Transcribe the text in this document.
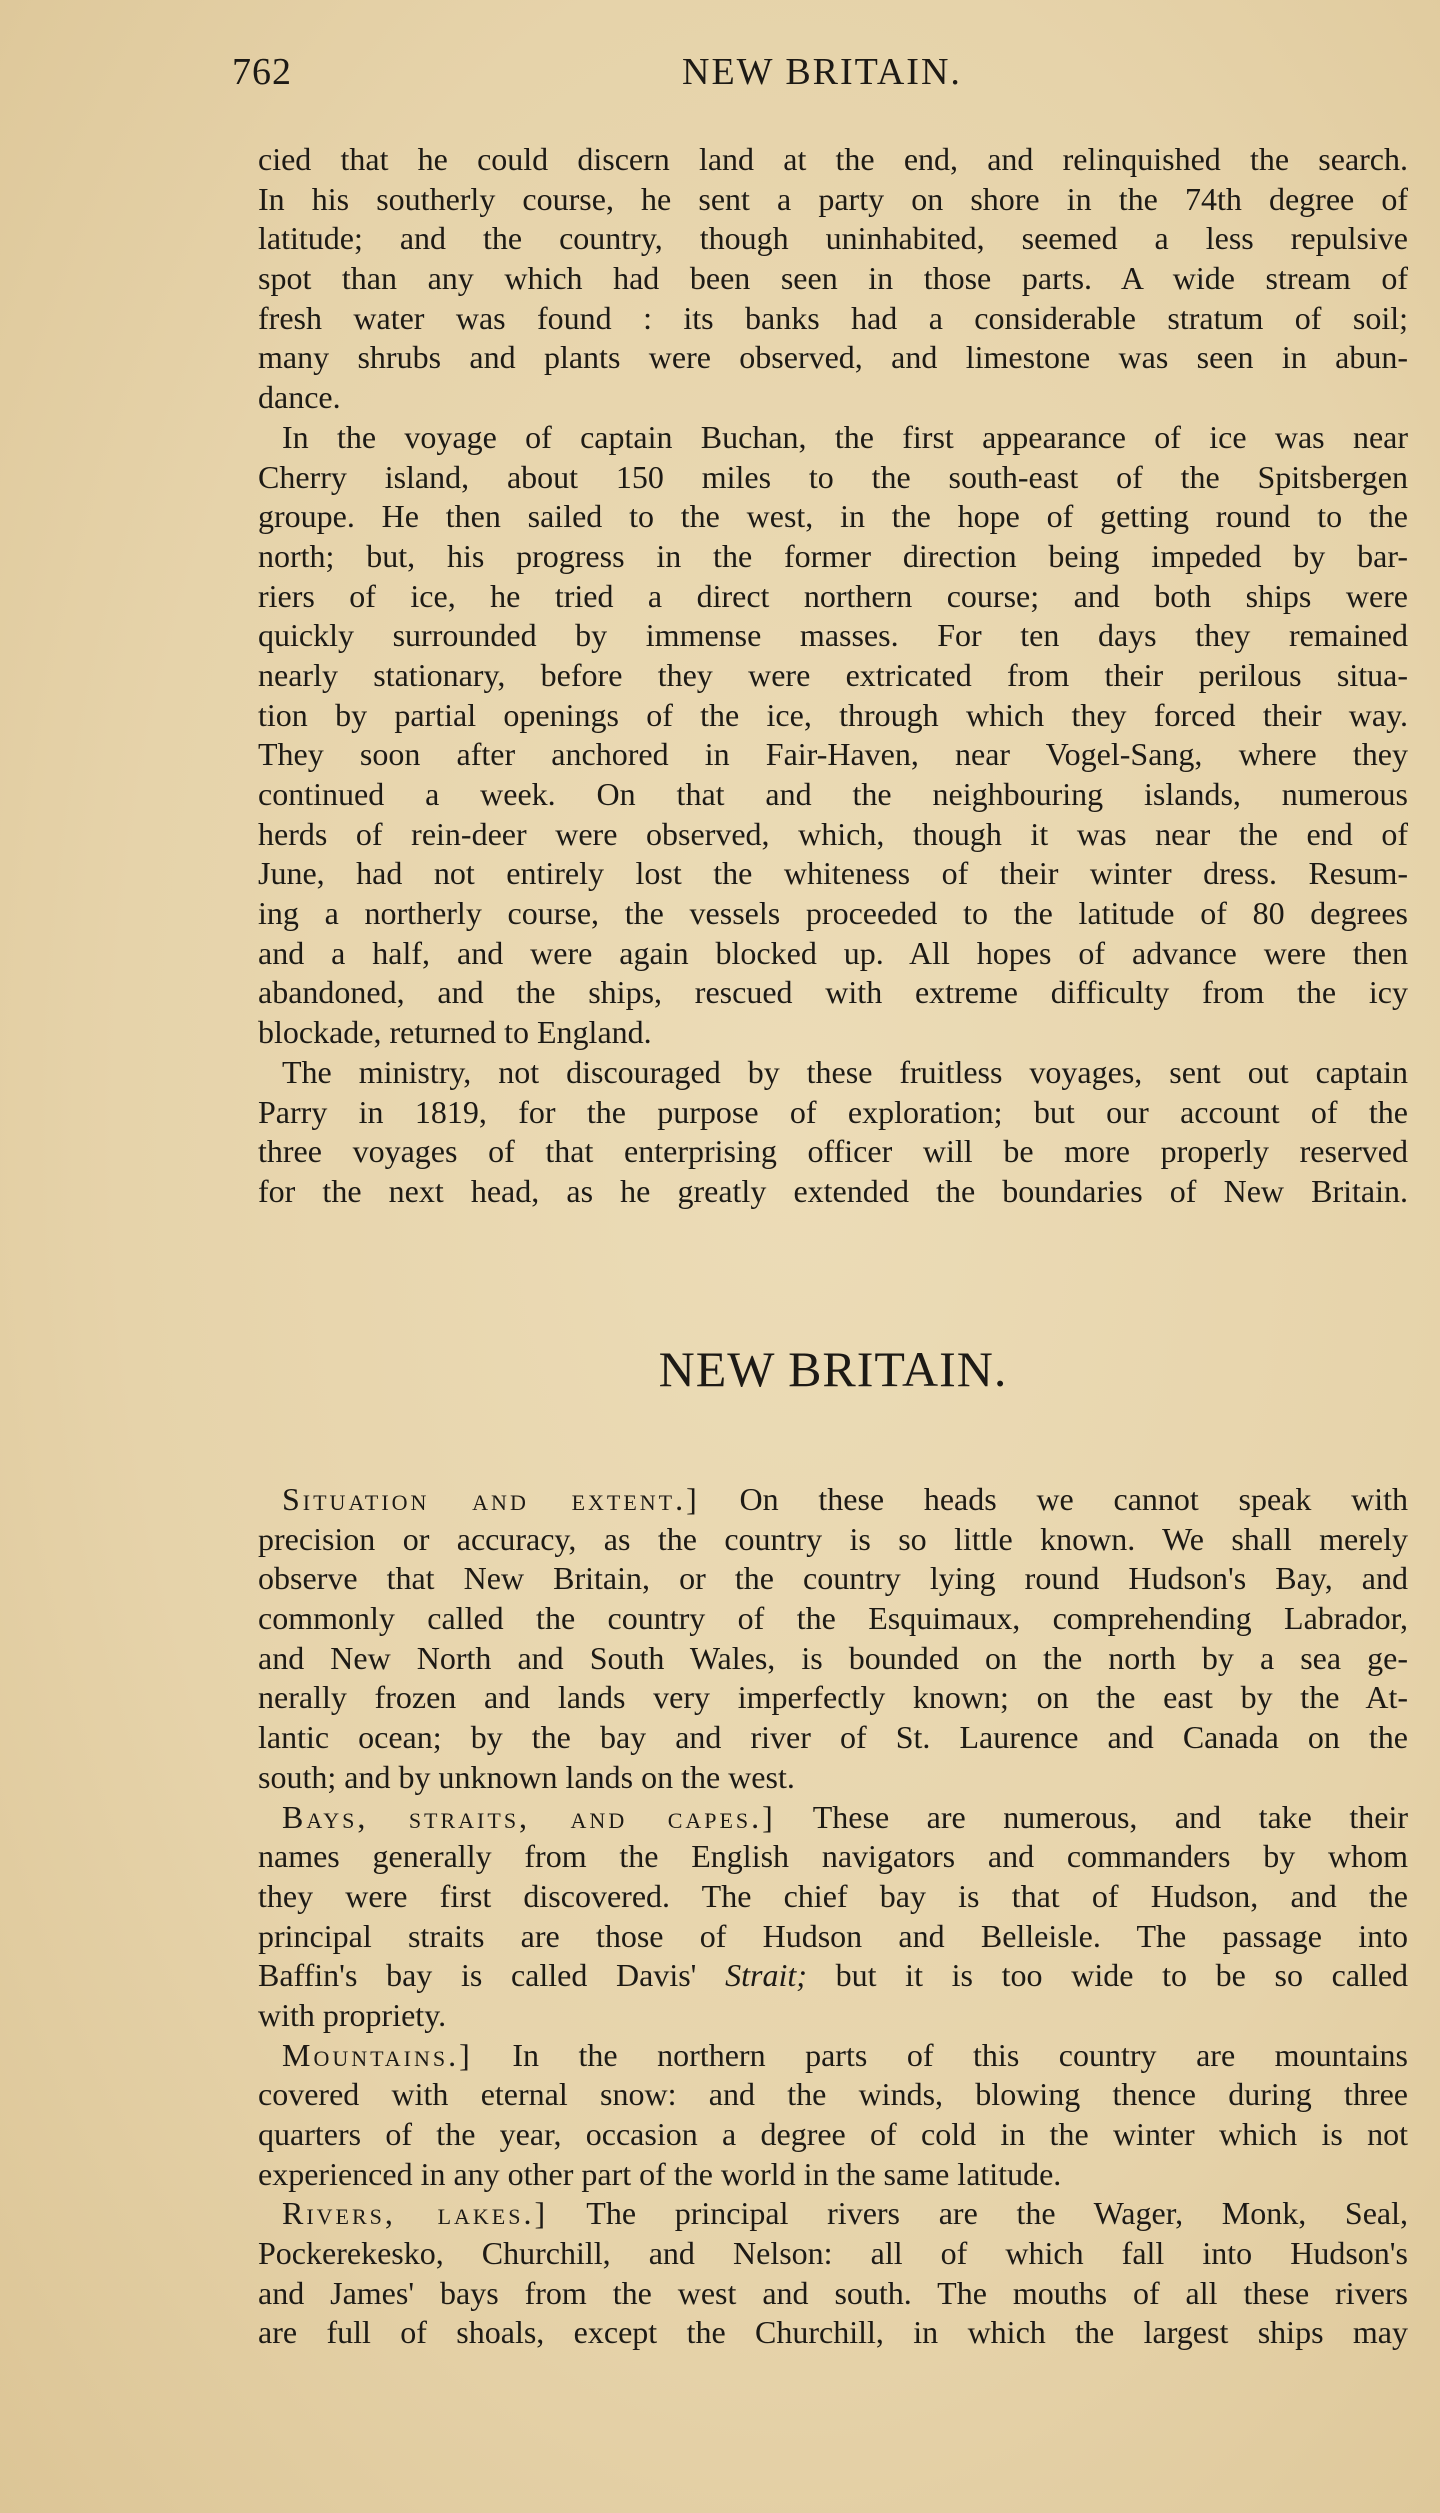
762	NEW BRITAIN.
cied that he could discern land at the end, and relinquished the search.
In his southerly course, he sent a party on shore in the 74th degree of
latitude; and the country, though uninhabited, seemed a less repulsive
spot than any which had been seen in those parts. A wide stream of
fresh water was found : its banks had a considerable stratum of soil;
many shrubs and plants were observed, and limestone was seen in abun-
dance.
In the voyage of captain Buchan, the first appearance of ice was near
Cherry island, about 150 miles to the south-east of the Spitsbergen
groupe. He then sailed to the west, in the hope of getting round to the
north; but, his progress in the former direction being impeded by bar-
riers of ice, he tried a direct northern course; and both ships were
quickly surrounded by immense masses. For ten days they remained
nearly stationary, before they were extricated from their perilous situa-
tion by partial openings of the ice, through which they forced their way.
They soon after anchored in Fair-Haven, near Vogel-Sang, where they
continued a week. On that and the neighbouring islands, numerous
herds of rein-deer were observed, which, though it was near the end of
June, had not entirely lost the whiteness of their winter dress. Resum-
ing a northerly course, the vessels proceeded to the latitude of 80 degrees
and a half, and were again blocked up. All hopes of advance were then
abandoned, and the ships, rescued with extreme difficulty from the icy
blockade, returned to England.
The ministry, not discouraged by these fruitless voyages, sent out captain
Parry in 1819, for the purpose of exploration; but our account of the
three voyages of that enterprising officer will be more properly reserved
for the next head, as he greatly extended the boundaries of New Britain.
NEW BRITAIN.
Situation and extent.] On these heads we cannot speak with
precision or accuracy, as the country is so little known. We shall merely
observe that New Britain, or the country lying round Hudson's Bay, and
commonly called the country of the Esquimaux, comprehending Labrador,
and New North and South Wales, is bounded on the north by a sea ge-
nerally frozen and lands very imperfectly known; on the east by the At-
lantic ocean; by the bay and river of St. Laurence and Canada on the
south; and by unknown lands on the west.
Bays, straits, and capes.] These are numerous, and take their
names generally from the English navigators and commanders by whom
they were first discovered. The chief bay is that of Hudson, and the
principal straits are those of Hudson and Belleisle. The passage into
Baffin's bay is called Davis' Strait; but it is too wide to be so called
with propriety.
Mountains.] In the northern parts of this country are mountains
covered with eternal snow: and the winds, blowing thence during three
quarters of the year, occasion a degree of cold in the winter which is not
experienced in any other part of the world in the same latitude.
Rivers, lakes.] The principal rivers are the Wager, Monk, Seal,
Pockerekesko, Churchill, and Nelson: all of which fall into Hudson's
and James' bays from the west and south. The mouths of all these rivers
are full of shoals, except the Churchill, in which the largest ships may
